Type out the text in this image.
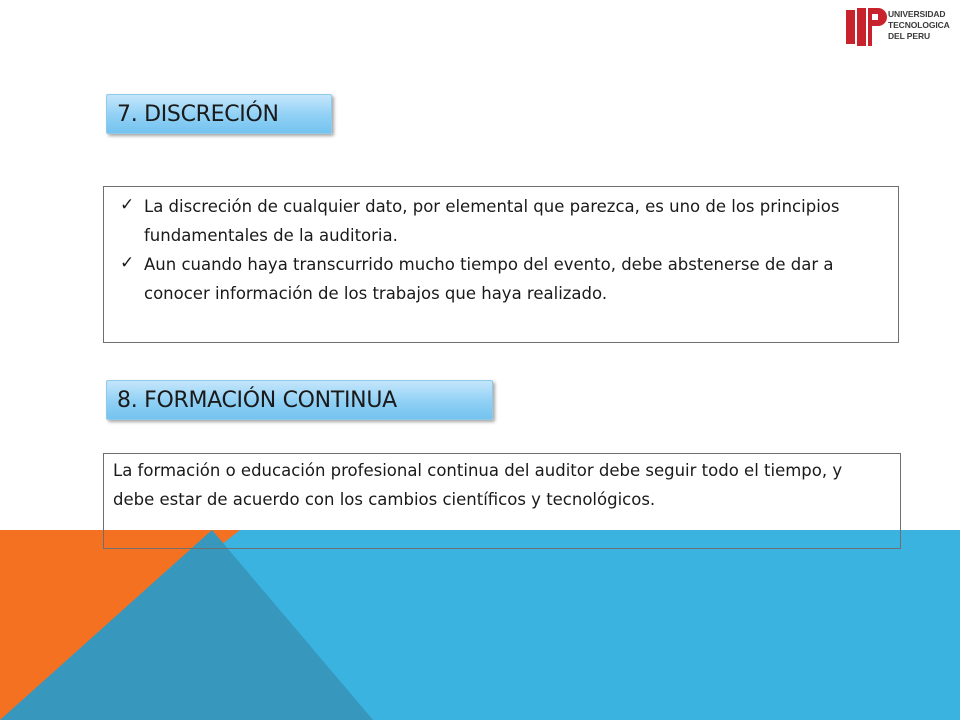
UNIVERSIDAD
TECNOLOGICA
DEL PERU
7. DISCRECIÓN
✓ La discreción de cualquier dato, por elemental que parezca, es uno de los principios fundamentales de la auditoria.
✓ Aun cuando haya transcurrido mucho tiempo del evento, debe abstenerse de dar a conocer información de los trabajos que haya realizado.
8. FORMACIÓN CONTINUA
La formación o educación profesional continua del auditor debe seguir todo el tiempo, y debe estar de acuerdo con los cambios científicos y tecnológicos.
